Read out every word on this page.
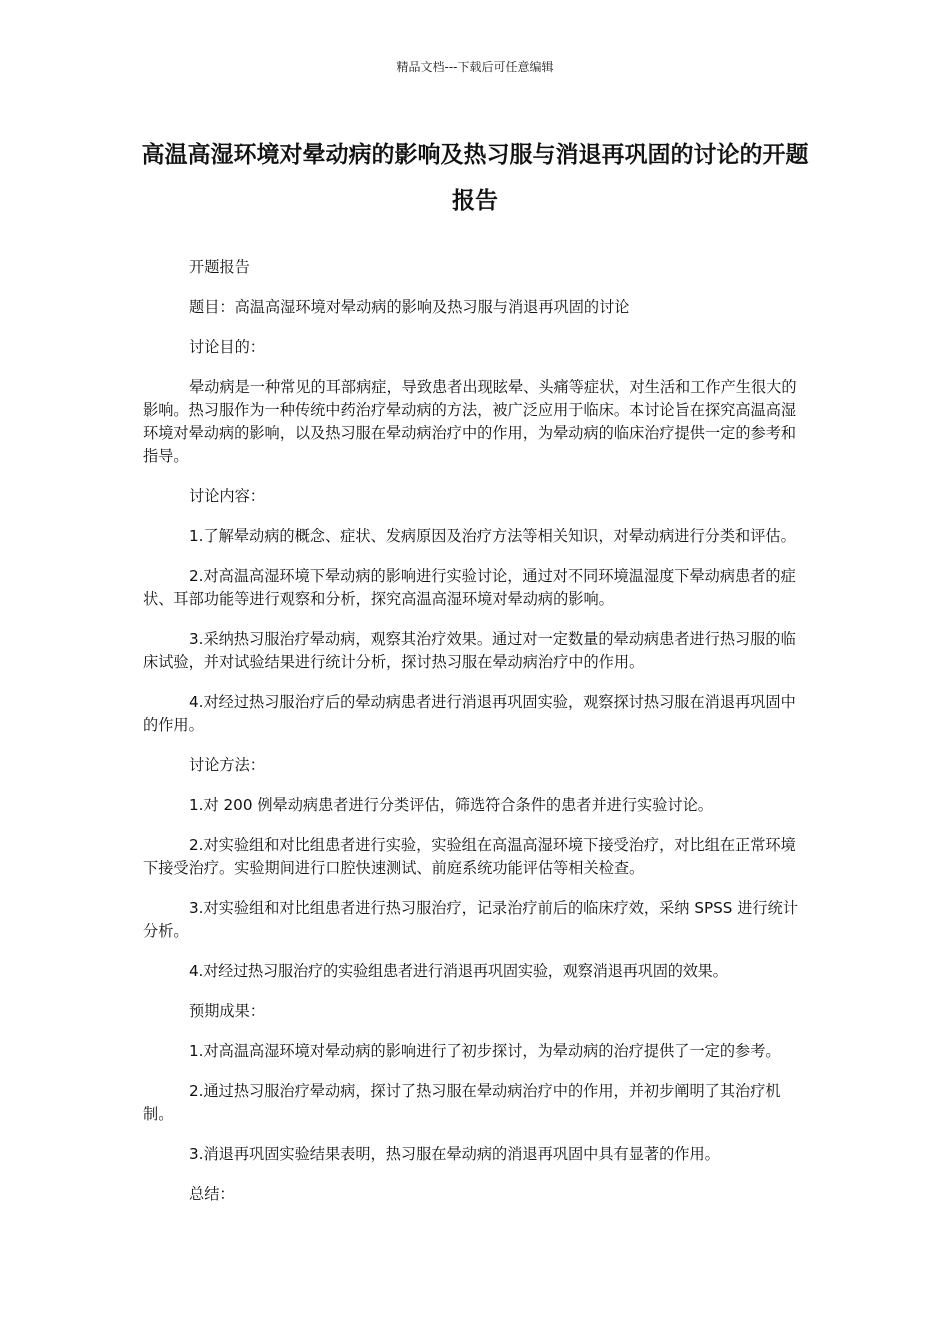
精品文档---下载后可任意编辑
高温高湿环境对晕动病的影响及热习服与消退再巩固的讨论的开题报告

开题报告

题目：高温高湿环境对晕动病的影响及热习服与消退再巩固的讨论

讨论目的：

晕动病是一种常见的耳部病症，导致患者出现眩晕、头痛等症状，对生活和工作产生很大的影响。热习服作为一种传统中药治疗晕动病的方法，被广泛应用于临床。本讨论旨在探究高温高湿环境对晕动病的影响，以及热习服在晕动病治疗中的作用，为晕动病的临床治疗提供一定的参考和指导。

讨论内容：

1.了解晕动病的概念、症状、发病原因及治疗方法等相关知识，对晕动病进行分类和评估。

2.对高温高湿环境下晕动病的影响进行实验讨论，通过对不同环境温湿度下晕动病患者的症状、耳部功能等进行观察和分析，探究高温高湿环境对晕动病的影响。

3.采纳热习服治疗晕动病，观察其治疗效果。通过对一定数量的晕动病患者进行热习服的临床试验，并对试验结果进行统计分析，探讨热习服在晕动病治疗中的作用。

4.对经过热习服治疗后的晕动病患者进行消退再巩固实验，观察探讨热习服在消退再巩固中的作用。

讨论方法：

1.对 200 例晕动病患者进行分类评估，筛选符合条件的患者并进行实验讨论。

2.对实验组和对比组患者进行实验，实验组在高温高湿环境下接受治疗，对比组在正常环境下接受治疗。实验期间进行口腔快速测试、前庭系统功能评估等相关检查。

3.对实验组和对比组患者进行热习服治疗，记录治疗前后的临床疗效，采纳 SPSS 进行统计分析。

4.对经过热习服治疗的实验组患者进行消退再巩固实验，观察消退再巩固的效果。

预期成果：

1.对高温高湿环境对晕动病的影响进行了初步探讨，为晕动病的治疗提供了一定的参考。

2.通过热习服治疗晕动病，探讨了热习服在晕动病治疗中的作用，并初步阐明了其治疗机制。

3.消退再巩固实验结果表明，热习服在晕动病的消退再巩固中具有显著的作用。

总结：
